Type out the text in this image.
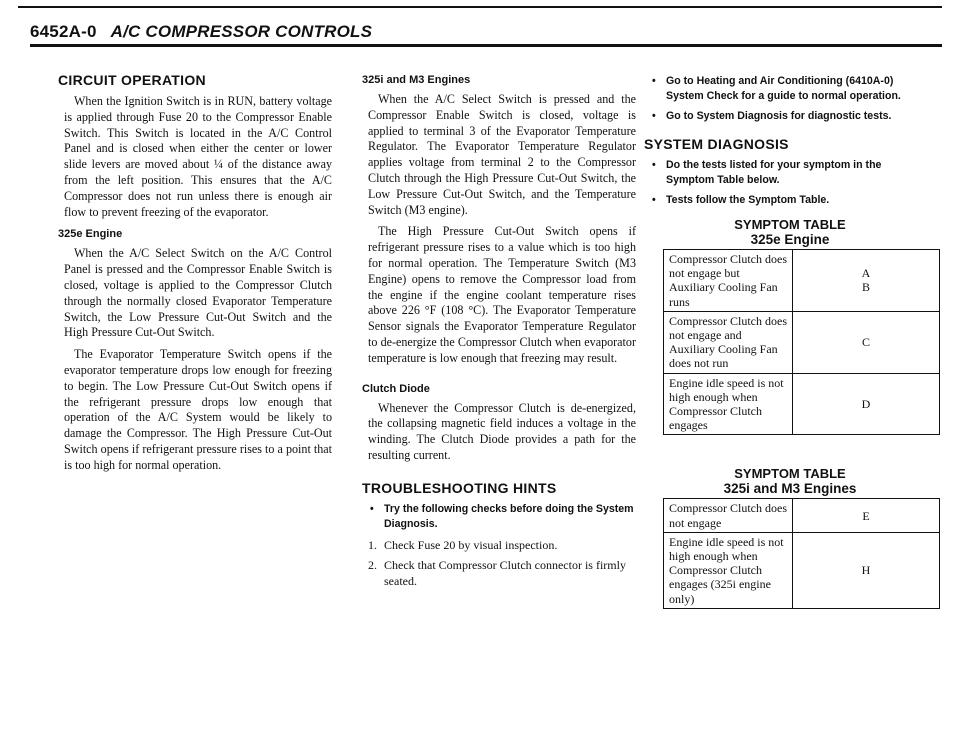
6452A-0 A/C COMPRESSOR CONTROLS
CIRCUIT OPERATION

When the Ignition Switch is in RUN, battery voltage is applied through Fuse 20 to the Compressor Enable Switch. This Switch is located in the A/C Control Panel and is closed when either the center or lower slide levers are moved about ¼ of the distance away from the left position. This ensures that the A/C Compressor does not run unless there is enough air flow to prevent freezing of the evaporator.

325e Engine

When the A/C Select Switch on the A/C Control Panel is pressed and the Compressor Enable Switch is closed, voltage is applied to the Compressor Clutch through the normally closed Evaporator Temperature Switch, the Low Pressure Cut-Out Switch and the High Pressure Cut-Out Switch.

The Evaporator Temperature Switch opens if the evaporator temperature drops low enough for freezing to begin. The Low Pressure Cut-Out Switch opens if the refrigerant pressure drops low enough that operation of the A/C System would be likely to damage the Compressor. The High Pressure Cut-Out Switch opens if refrigerant pressure rises to a point that is too high for normal operation.

325i and M3 Engines

When the A/C Select Switch is pressed and the Compressor Enable Switch is closed, voltage is applied to terminal 3 of the Evaporator Temperature Regulator. The Evaporator Temperature Regulator applies voltage from terminal 2 to the Compressor Clutch through the High Pressure Cut-Out Switch, the Low Pressure Cut-Out Switch, and the Temperature Switch (M3 engine).

The High Pressure Cut-Out Switch opens if refrigerant pressure rises to a value which is too high for normal operation. The Temperature Switch (M3 Engine) opens to remove the Compressor load from the engine if the engine coolant temperature rises above 226 °F (108 °C). The Evaporator Temperature Sensor signals the Evaporator Temperature Regulator to de-energize the Compressor Clutch when evaporator temperature is low enough that freezing may result.

Clutch Diode

Whenever the Compressor Clutch is de-energized, the collapsing magnetic field induces a voltage in the winding. The Clutch Diode provides a path for the resulting current.

TROUBLESHOOTING HINTS
• Try the following checks before doing the System Diagnosis.
1. Check Fuse 20 by visual inspection.
2. Check that Compressor Clutch connector is firmly seated.
• Go to Heating and Air Conditioning (6410A-0) System Check for a guide to normal operation.
• Go to System Diagnosis for diagnostic tests.
SYSTEM DIAGNOSIS
• Do the tests listed for your symptom in the Symptom Table below.
• Tests follow the Symptom Table.
SYMPTOM TABLE
325e Engine
Compressor Clutch does not engage but Auxiliary Cooling Fan runs	A
B
Compressor Clutch does not engage and Auxiliary Cooling Fan does not run	C
Engine idle speed is not high enough when Compressor Clutch engages	D
SYMPTOM TABLE
325i and M3 Engines
Compressor Clutch does not engage	E
Engine idle speed is not high enough when Compressor Clutch engages (325i engine only)	H
